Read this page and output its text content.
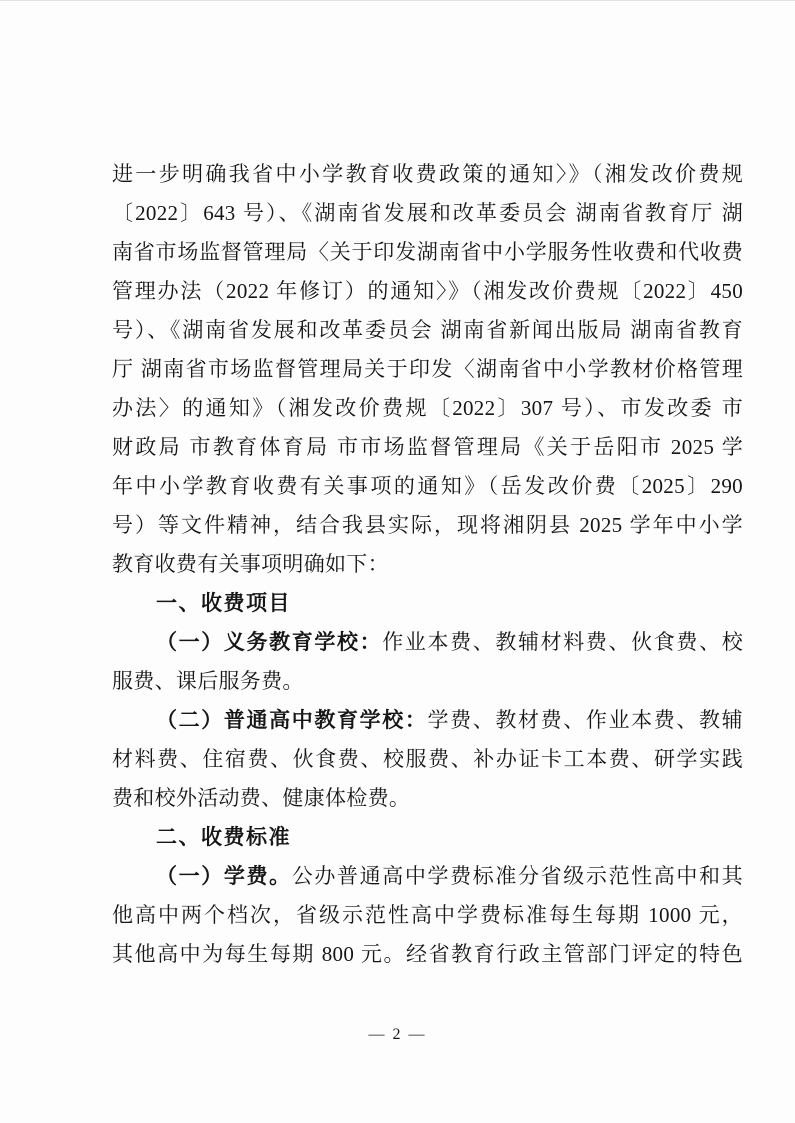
进一步明确我省中小学教育收费政策的通知〉》（湘发改价费规
〔2022〕643 号）、《湖南省发展和改革委员会 湖南省教育厅 湖
南省市场监督管理局〈关于印发湖南省中小学服务性收费和代收费
管理办法（2022 年修订）的通知〉》（湘发改价费规〔2022〕450
号）、《湖南省发展和改革委员会 湖南省新闻出版局 湖南省教育
厅 湖南省市场监督管理局关于印发〈湖南省中小学教材价格管理
办法〉的通知》（湘发改价费规〔2022〕307 号）、市发改委 市
财政局 市教育体育局 市市场监督管理局《关于岳阳市 2025 学
年中小学教育收费有关事项的通知》（岳发改价费〔2025〕290
号）等文件精神，结合我县实际，现将湘阴县 2025 学年中小学
教育收费有关事项明确如下：
一、收费项目
（一）义务教育学校：作业本费、教辅材料费、伙食费、校
服费、课后服务费。
（二）普通高中教育学校：学费、教材费、作业本费、教辅
材料费、住宿费、伙食费、校服费、补办证卡工本费、研学实践
费和校外活动费、健康体检费。
二、收费标准
（一）学费。公办普通高中学费标准分省级示范性高中和其
他高中两个档次，省级示范性高中学费标准每生每期 1000 元，
其他高中为每生每期 800 元。经省教育行政主管部门评定的特色
— 2 —
